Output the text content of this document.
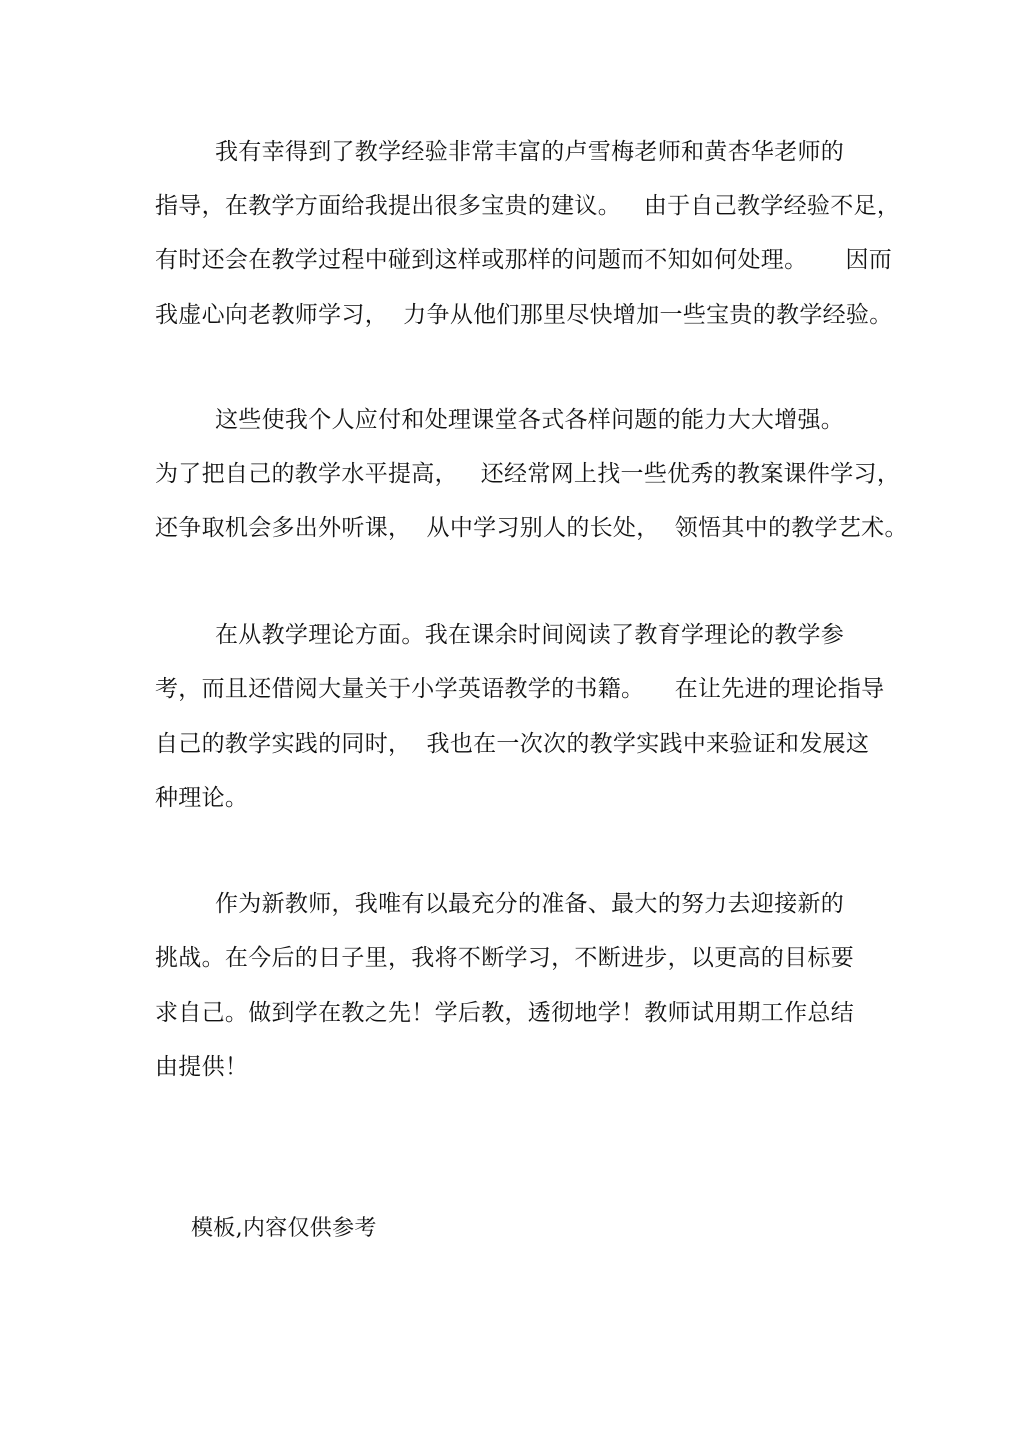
我有幸得到了教学经验非常丰富的卢雪梅老师和黄杏华老师的
指导，在教学方面给我提出很多宝贵的建议。   由于自己教学经验不足，
有时还会在教学过程中碰到这样或那样的问题而不知如何处理。     因而
我虚心向老教师学习，  力争从他们那里尽快增加一些宝贵的教学经验。
这些使我个人应付和处理课堂各式各样问题的能力大大增强。
为了把自己的教学水平提高，   还经常网上找一些优秀的教案课件学习，
还争取机会多出外听课，  从中学习别人的长处，  领悟其中的教学艺术。
在从教学理论方面。我在课余时间阅读了教育学理论的教学参
考，而且还借阅大量关于小学英语教学的书籍。    在让先进的理论指导
自己的教学实践的同时，  我也在一次次的教学实践中来验证和发展这
种理论。
作为新教师，我唯有以最充分的准备、最大的努力去迎接新的
挑战。在今后的日子里，我将不断学习，不断进步，以更高的目标要
求自己。做到学在教之先！学后教，透彻地学！教师试用期工作总结
由提供！
模板,内容仅供参考
